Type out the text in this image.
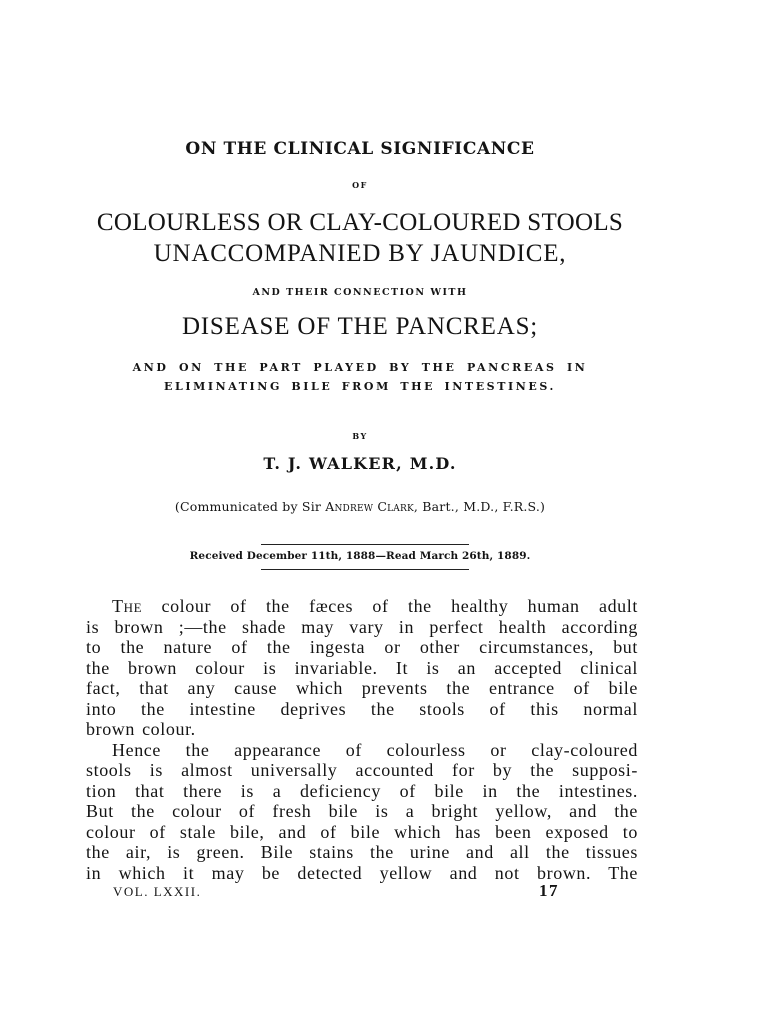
ON THE CLINICAL SIGNIFICANCE
OF
COLOURLESS OR CLAY-COLOURED STOOLS
UNACCOMPANIED BY JAUNDICE,
AND THEIR CONNECTION WITH
DISEASE OF THE PANCREAS;
AND ON THE PART PLAYED BY THE PANCREAS IN
ELIMINATING BILE FROM THE INTESTINES.
BY
T. J. WALKER, M.D.
(Communicated by Sir Andrew Clark, Bart., M.D., F.R.S.)
Received December 11th, 1888—Read March 26th, 1889.
The colour of the fæces of the healthy human adult
is brown ;—the shade may vary in perfect health according
to the nature of the ingesta or other circumstances, but
the brown colour is invariable. It is an accepted clinical
fact, that any cause which prevents the entrance of bile
into the intestine deprives the stools of this normal
brown colour.
Hence the appearance of colourless or clay-coloured
stools is almost universally accounted for by the supposi-
tion that there is a deficiency of bile in the intestines.
But the colour of fresh bile is a bright yellow, and the
colour of stale bile, and of bile which has been exposed to
the air, is green. Bile stains the urine and all the tissues
in which it may be detected yellow and not brown. The
VOL. LXXII.	17
